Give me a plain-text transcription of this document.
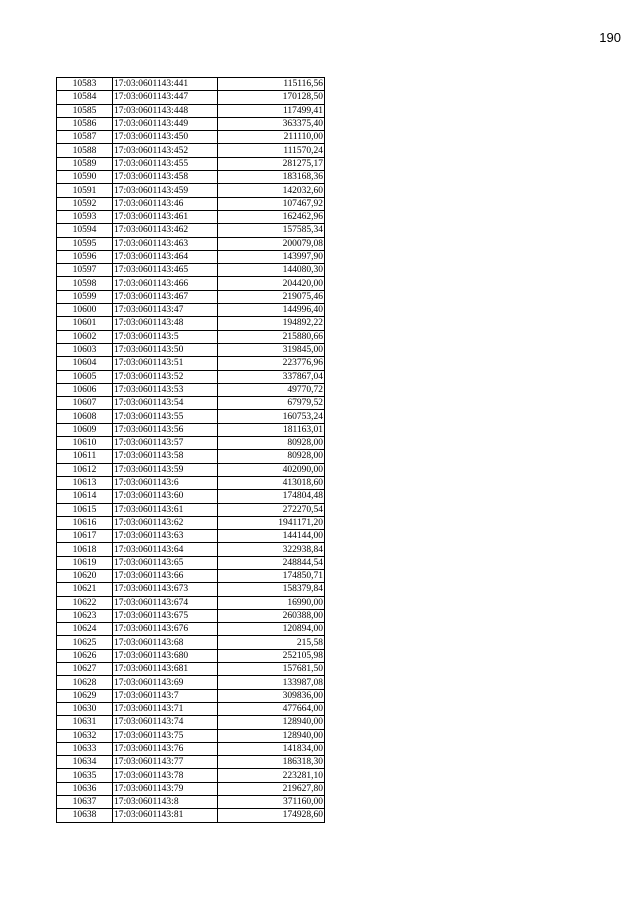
190
10583	17:03:0601143:441	115116,56
10584	17:03:0601143:447	170128,50
10585	17:03:0601143:448	117499,41
10586	17:03:0601143:449	363375,40
10587	17:03:0601143:450	211110,00
10588	17:03:0601143:452	111570,24
10589	17:03:0601143:455	281275,17
10590	17:03:0601143:458	183168,36
10591	17:03:0601143:459	142032,60
10592	17:03:0601143:46	107467,92
10593	17:03:0601143:461	162462,96
10594	17:03:0601143:462	157585,34
10595	17:03:0601143:463	200079,08
10596	17:03:0601143:464	143997,90
10597	17:03:0601143:465	144080,30
10598	17:03:0601143:466	204420,00
10599	17:03:0601143:467	219075,46
10600	17:03:0601143:47	144996,40
10601	17:03:0601143:48	194892,22
10602	17:03:0601143:5	215880,66
10603	17:03:0601143:50	319845,00
10604	17:03:0601143:51	223776,96
10605	17:03:0601143:52	337867,04
10606	17:03:0601143:53	49770,72
10607	17:03:0601143:54	67979,52
10608	17:03:0601143:55	160753,24
10609	17:03:0601143:56	181163,01
10610	17:03:0601143:57	80928,00
10611	17:03:0601143:58	80928,00
10612	17:03:0601143:59	402090,00
10613	17:03:0601143:6	413018,60
10614	17:03:0601143:60	174804,48
10615	17:03:0601143:61	272270,54
10616	17:03:0601143:62	1941171,20
10617	17:03:0601143:63	144144,00
10618	17:03:0601143:64	322938,84
10619	17:03:0601143:65	248844,54
10620	17:03:0601143:66	174850,71
10621	17:03:0601143:673	158379,84
10622	17:03:0601143:674	16990,00
10623	17:03:0601143:675	260388,00
10624	17:03:0601143:676	120894,00
10625	17:03:0601143:68	215,58
10626	17:03:0601143:680	252105,98
10627	17:03:0601143:681	157681,50
10628	17:03:0601143:69	133987,08
10629	17:03:0601143:7	309836,00
10630	17:03:0601143:71	477664,00
10631	17:03:0601143:74	128940,00
10632	17:03:0601143:75	128940,00
10633	17:03:0601143:76	141834,00
10634	17:03:0601143:77	186318,30
10635	17:03:0601143:78	223281,10
10636	17:03:0601143:79	219627,80
10637	17:03:0601143:8	371160,00
10638	17:03:0601143:81	174928,60
